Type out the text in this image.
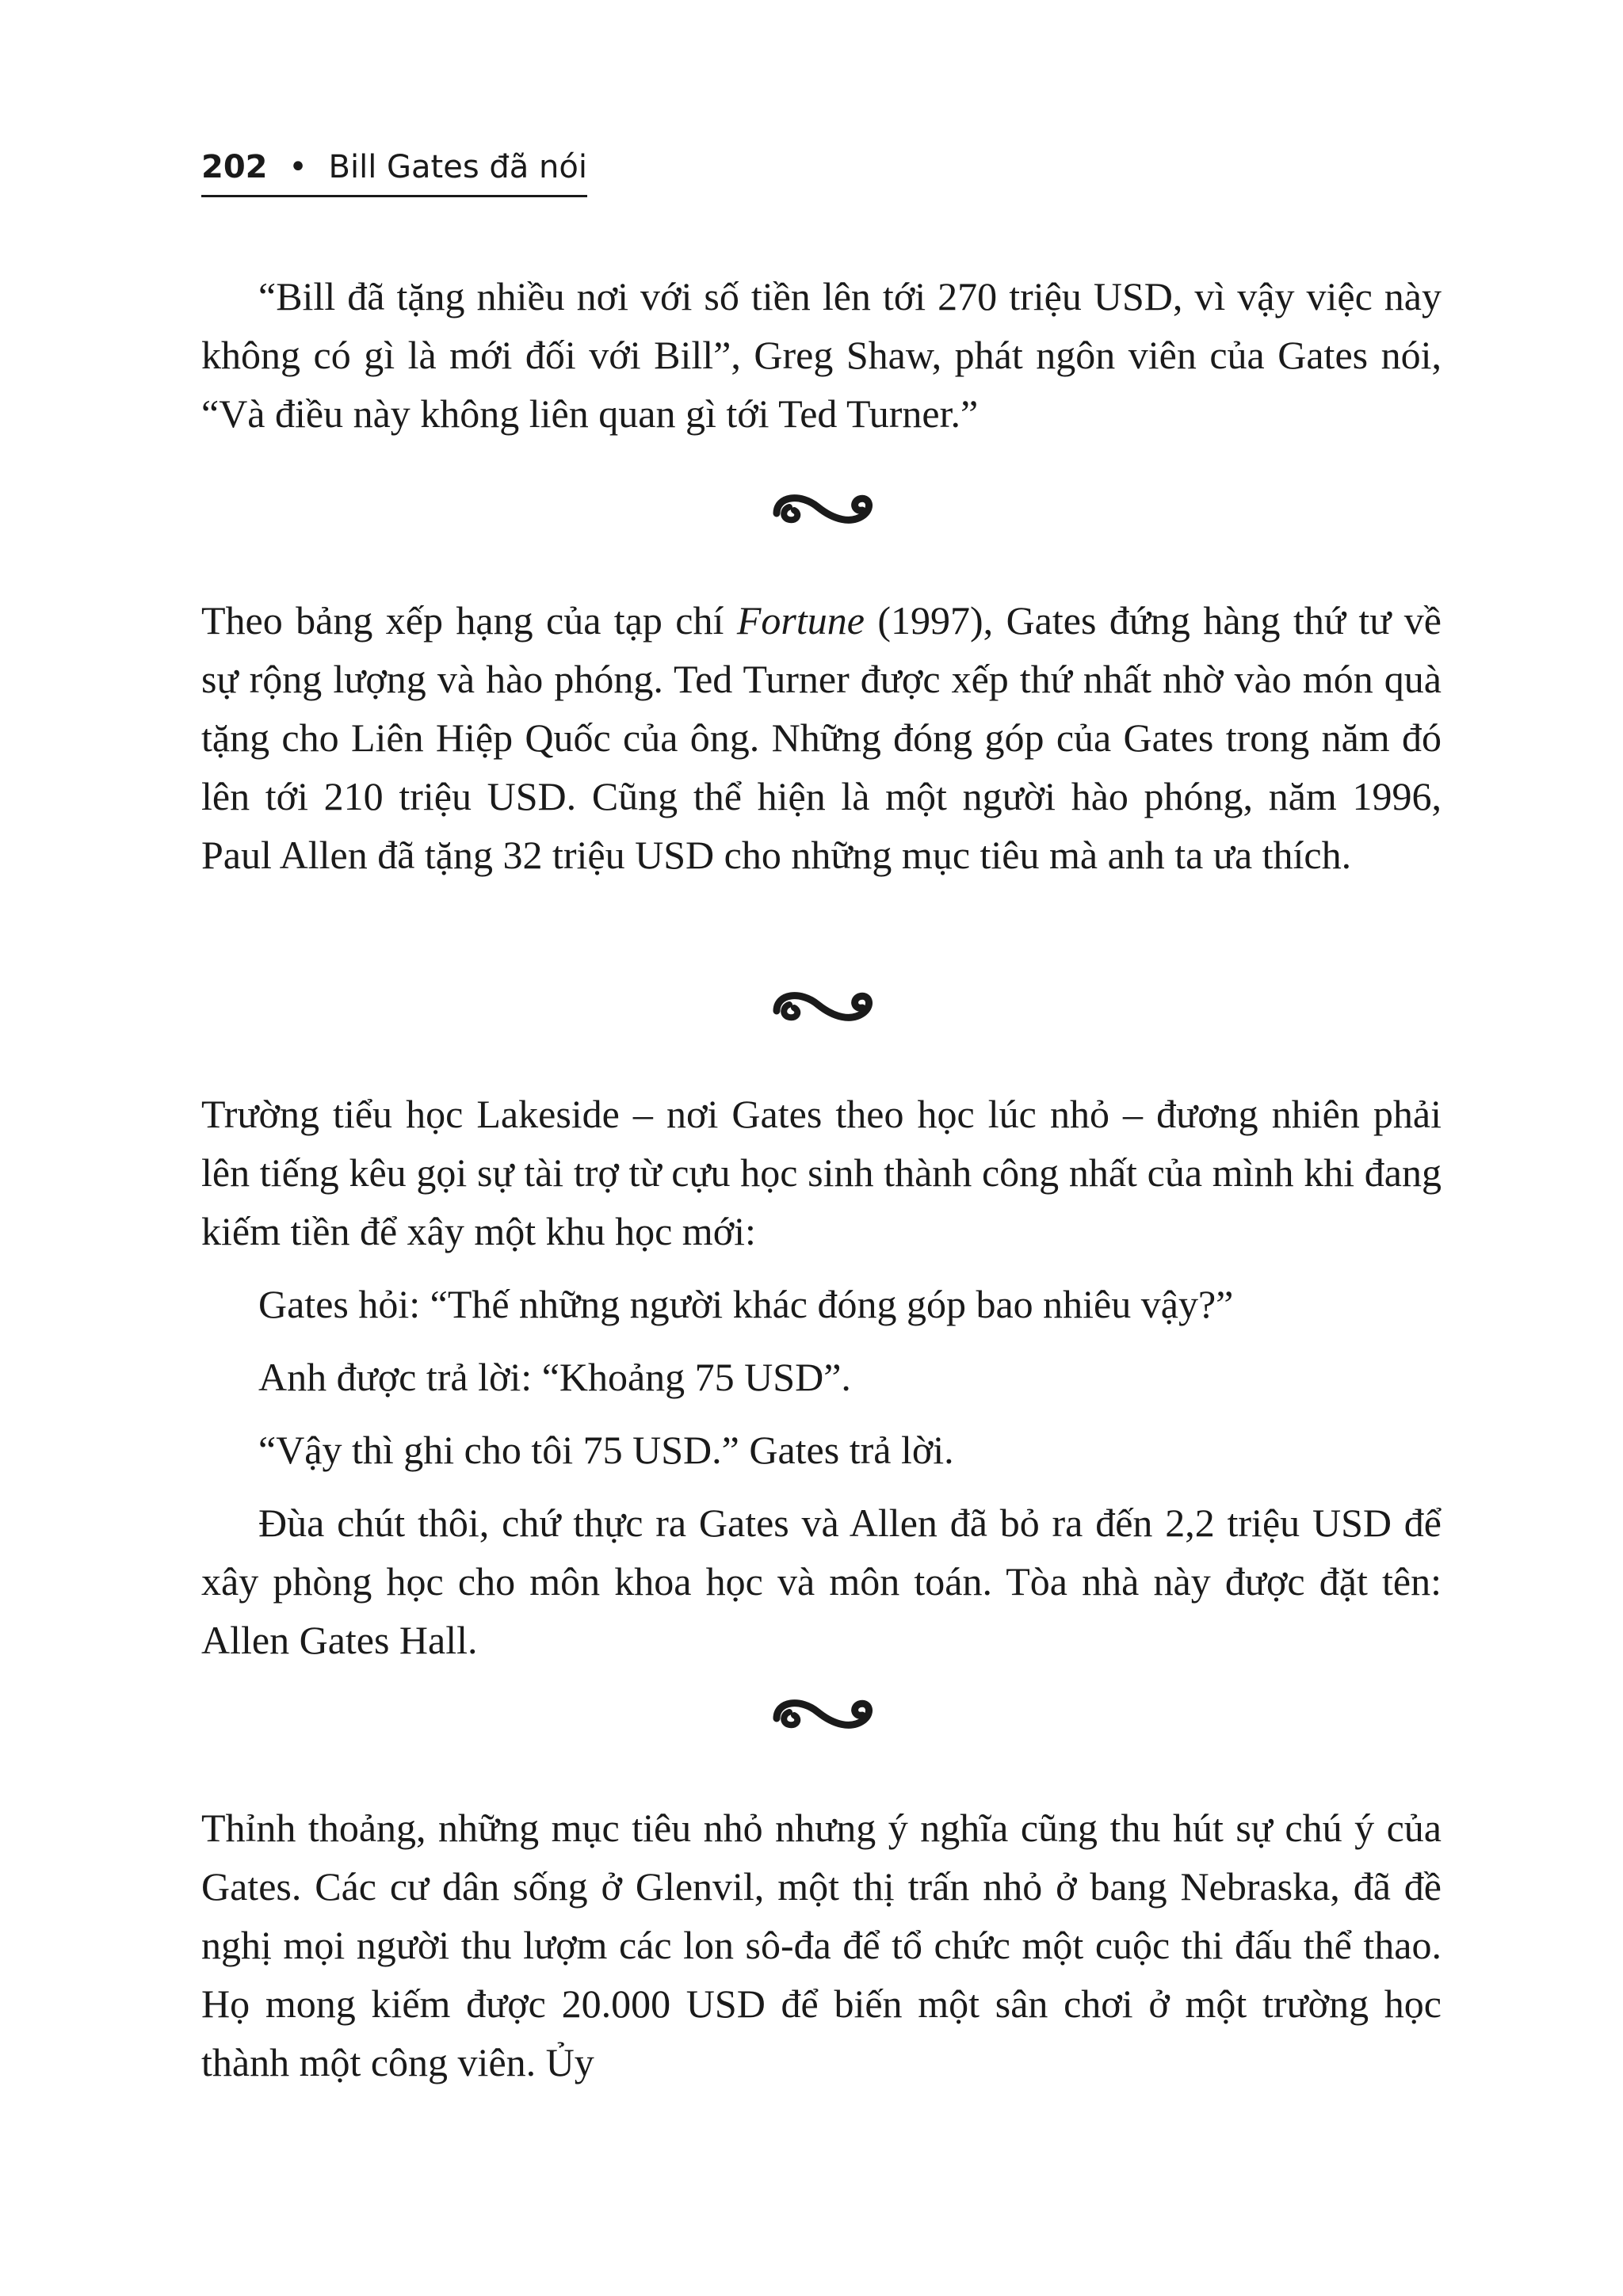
202 • Bill Gates đã nói

“Bill đã tặng nhiều nơi với số tiền lên tới 270 triệu USD, vì vậy việc này không có gì là mới đối với Bill”, Greg Shaw, phát ngôn viên của Gates nói, “Và điều này không liên quan gì tới Ted Turner.”

Theo bảng xếp hạng của tạp chí Fortune (1997), Gates đứng hàng thứ tư về sự rộng lượng và hào phóng. Ted Turner được xếp thứ nhất nhờ vào món quà tặng cho Liên Hiệp Quốc của ông. Những đóng góp của Gates trong năm đó lên tới 210 triệu USD. Cũng thể hiện là một người hào phóng, năm 1996, Paul Allen đã tặng 32 triệu USD cho những mục tiêu mà anh ta ưa thích.

Trường tiểu học Lakeside – nơi Gates theo học lúc nhỏ – đương nhiên phải lên tiếng kêu gọi sự tài trợ từ cựu học sinh thành công nhất của mình khi đang kiếm tiền để xây một khu học mới:

Gates hỏi: “Thế những người khác đóng góp bao nhiêu vậy?”

Anh được trả lời: “Khoảng 75 USD”.

“Vậy thì ghi cho tôi 75 USD.” Gates trả lời.

Đùa chút thôi, chứ thực ra Gates và Allen đã bỏ ra đến 2,2 triệu USD để xây phòng học cho môn khoa học và môn toán. Tòa nhà này được đặt tên: Allen Gates Hall.

Thỉnh thoảng, những mục tiêu nhỏ nhưng ý nghĩa cũng thu hút sự chú ý của Gates. Các cư dân sống ở Glenvil, một thị trấn nhỏ ở bang Nebraska, đã đề nghị mọi người thu lượm các lon sô-đa để tổ chức một cuộc thi đấu thể thao. Họ mong kiếm được 20.000 USD để biến một sân chơi ở một trường học thành một công viên. Ủy
